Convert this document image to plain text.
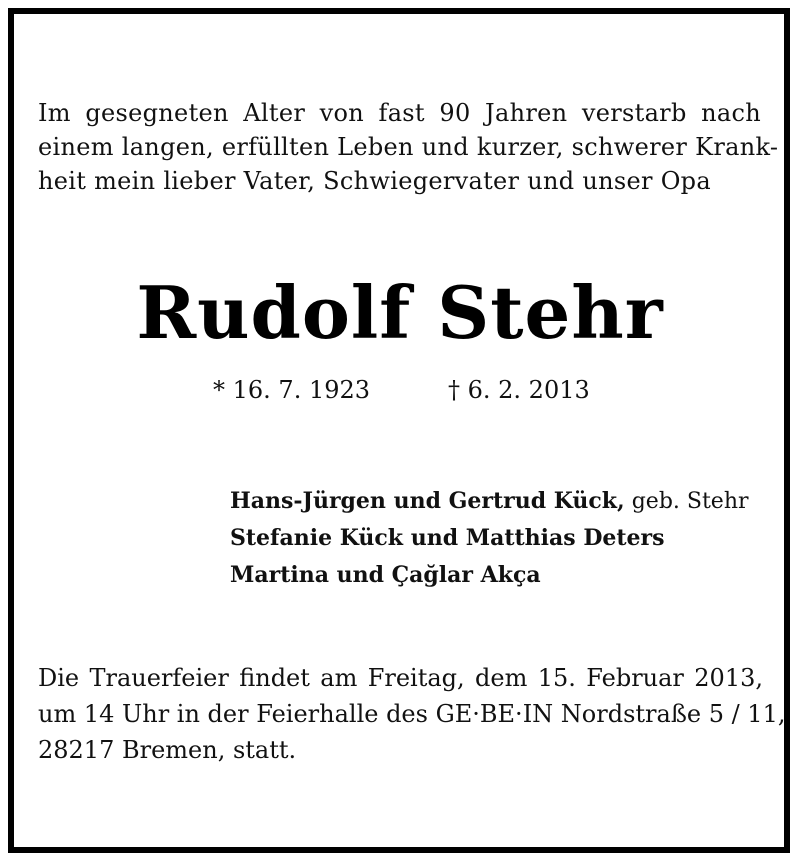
Im gesegneten Alter von fast 90 Jahren verstarb nach
einem langen, erfüllten Leben und kurzer, schwerer Krank-
heit mein lieber Vater, Schwiegervater und unser Opa
Rudolf Stehr
* 16. 7. 1923	† 6. 2. 2013
Hans-Jürgen und Gertrud Kück, geb. Stehr
Stefanie Kück und Matthias Deters
Martina und Çağlar Akça
Die Trauerfeier findet am Freitag, dem 15. Februar 2013,
um 14 Uhr in der Feierhalle des GE·BE·IN Nordstraße 5 / 11,
28217 Bremen, statt.
